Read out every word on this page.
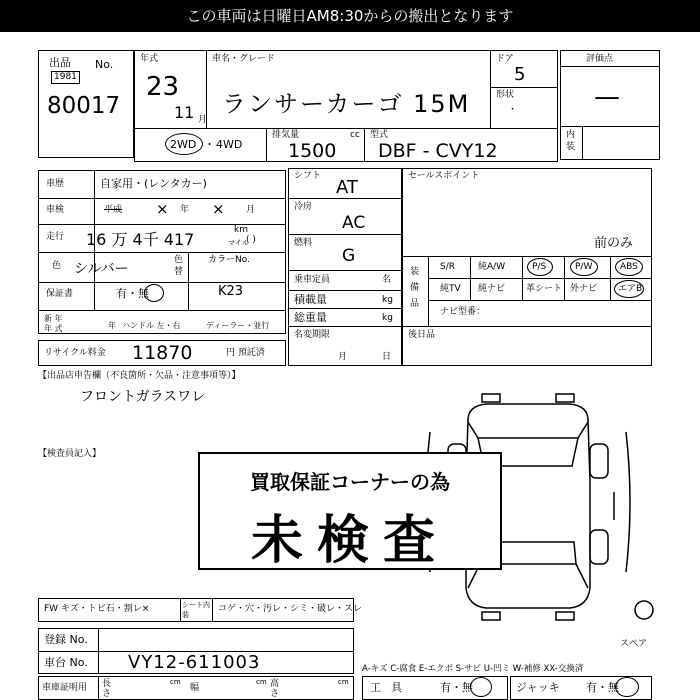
この車両は日曜日AM8:30からの搬出となります
出品 No.
1981
80017
年式
23
11 月
車名・グレード
ランサーカーゴ 15M
ドア
5
形状
・
2WD ・ 4WD
排気量	cc
1500
型式
DBF - CVY12
評価点
—
内装
車歴	自家用・(レンタカー)
車検	平成 × 年 × 月
走行 16 万 4千 417	km
マイル
( )
色 シルバー
色替
カラーNo.
K23
保証書	有・無
新 年
年 式	年 ハンドル 左・右	ディーラー・並行
リサイクル料金 11870	円 預託済
シフト
AT
冷房
AC
燃料
G
乗車定員	名
積載量	kg
総重量	kg
名変期限
月	日
セールスポイント
前のみ
装備品
S/R	純A/W	P/S	P/W	ABS
純TV 純ナビ 革シート 外ナビ エアB
ナビ型番：
後日品
【出品店申告欄（不良箇所・欠品・注意事項等）】
フロントガラスワレ
【検査員記入】
スペア
買取保証コーナーの為
未検査
FW キズ・トビ石・割レ×	シート内装
コゲ・穴・汚レ・シミ・破レ・スレ
登録 No.
車台 No. VY12-611003
車庫証明用 長さ
cm
幅
cm 高さ
cm
A-キズ C-腐食 E-エクボ S-サビ U-凹ミ W-補修 XX-交換済
工具	有・無	ジャッキ 有・無
